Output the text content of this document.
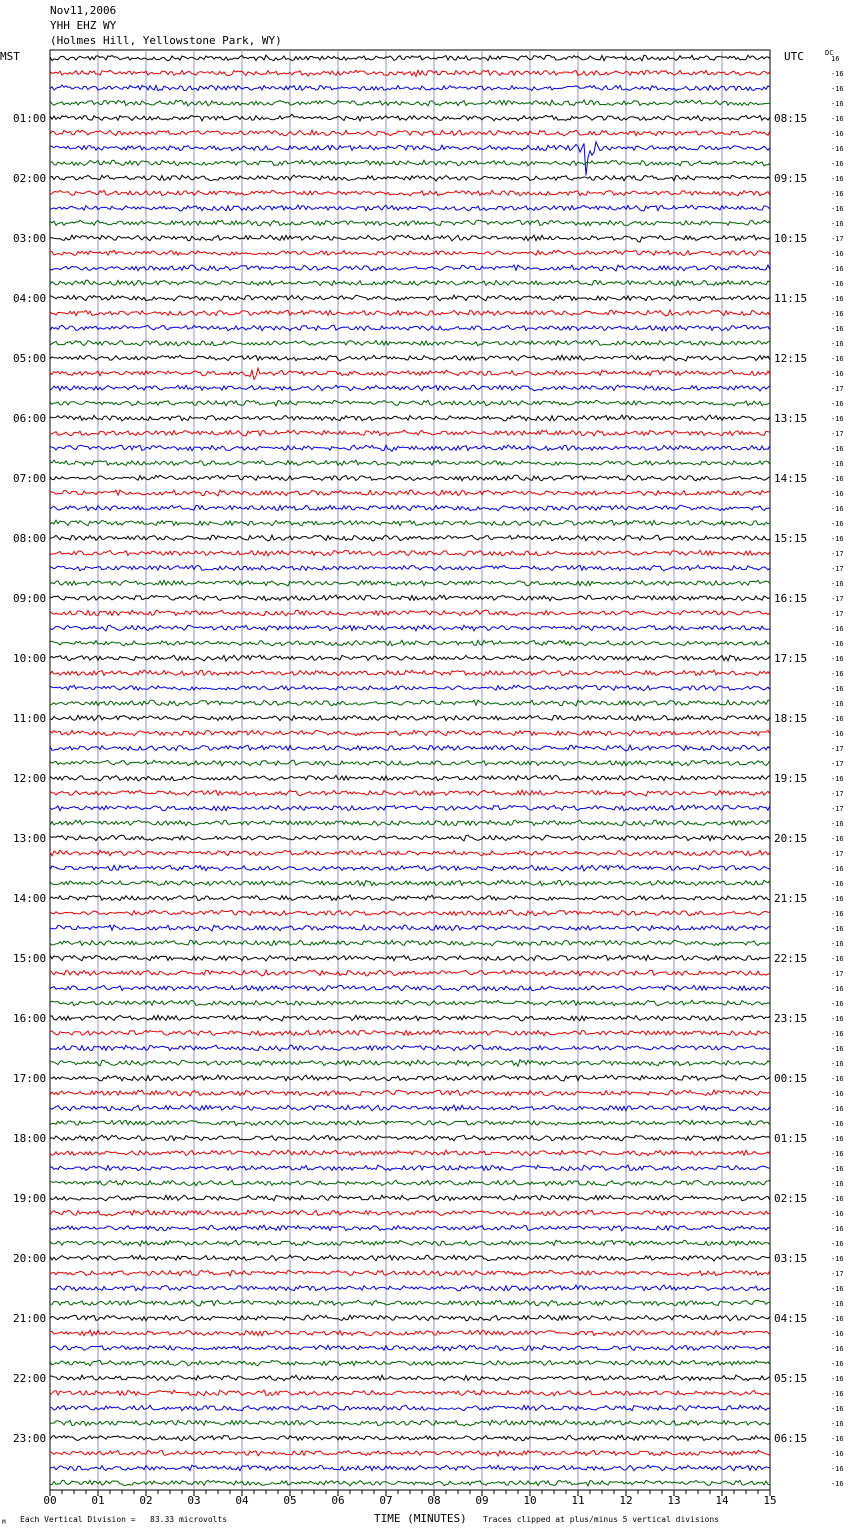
Nov11,2006
YHH EHZ WY
(Holmes Hill, Yellowstone Park, WY)
MST	UTC	DC
01:00
02:00
03:00
04:00
05:00
06:00
07:00
08:00
09:00
10:00
11:00
12:00
13:00
14:00
15:00
16:00
17:00
18:00
19:00
20:00
21:00
22:00
23:00
08:15
09:15
10:15
11:15
12:15
13:15
14:15
15:15
16:15
17:15
18:15
19:15
20:15
21:15
22:15
23:15
00:15
01:15
02:15
03:15
04:15
05:15
06:15
16
-16
-16
-16
-16
-16
-16
-16
-16
-16
-16
-16
-17
-16
-16
-16
-16
-16
-16
-16
-16
-16
-17
-16
-16
-17
-16
-16
-16
-16
-16
-16
-16
-17
-17
-16
-17
-17
-16
-16
-16
-16
-16
-16
-16
-16
-17
-17
-16
-17
-17
-16
-16
-17
-16
-16
-16
-16
-16
-16
-16
-17
-16
-16
-16
-16
-16
-16
-16
-16
-16
-16
-16
-16
-16
-16
-16
-16
-16
-16
-16
-17
-16
-16
-16
-16
-16
-16
-16
-16
-16
-16
-16
-16
-16
-16
00	01	02	03	04	05	06	07	08	09	10	11	12	13	14	15
TIME (MINUTES)
Each Vertical Division =   83.33 microvolts	Traces clipped at plus/minus 5 vertical divisions
M
